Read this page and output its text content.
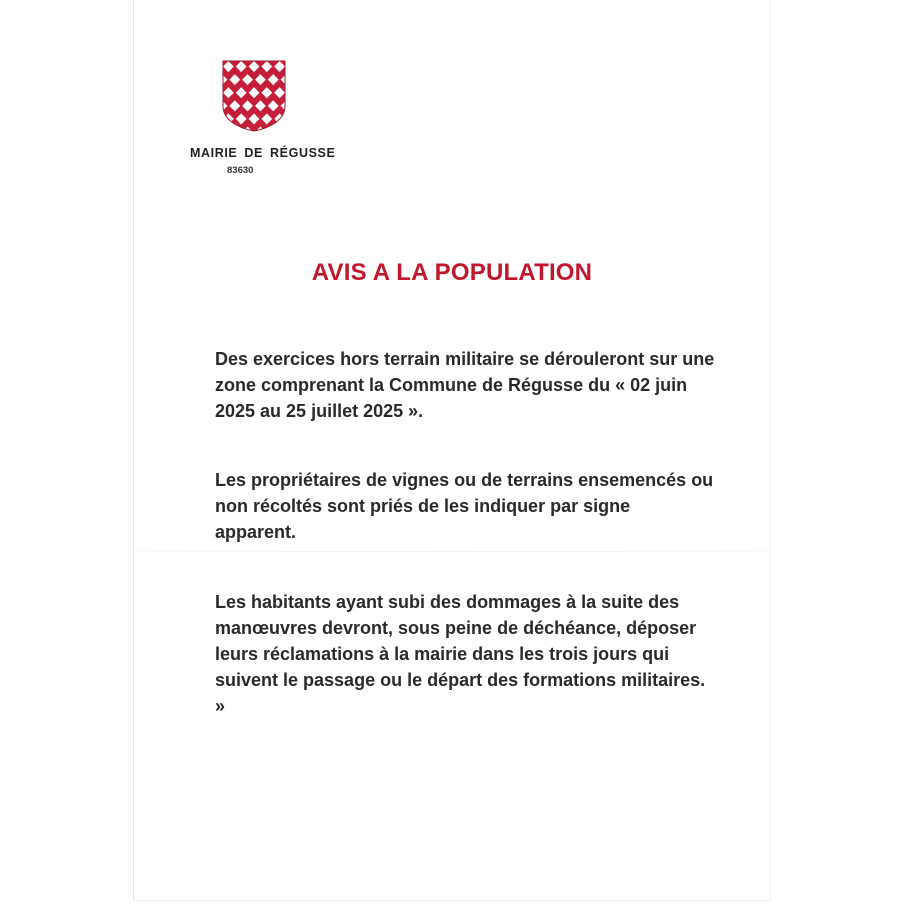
MAIRIE DE RÉGUSSE
83630
AVIS A LA POPULATION

Des exercices hors terrain militaire se dérouleront sur une zone comprenant la Commune de Régusse du « 02 juin 2025 au 25 juillet 2025 ».

Les propriétaires de vignes ou de terrains ensemencés ou non récoltés sont priés de les indiquer par signe apparent.

Les habitants ayant subi des dommages à la suite des manœuvres devront, sous peine de déchéance, déposer leurs réclamations à la mairie dans les trois jours qui suivent le passage ou le départ des formations militaires. »
